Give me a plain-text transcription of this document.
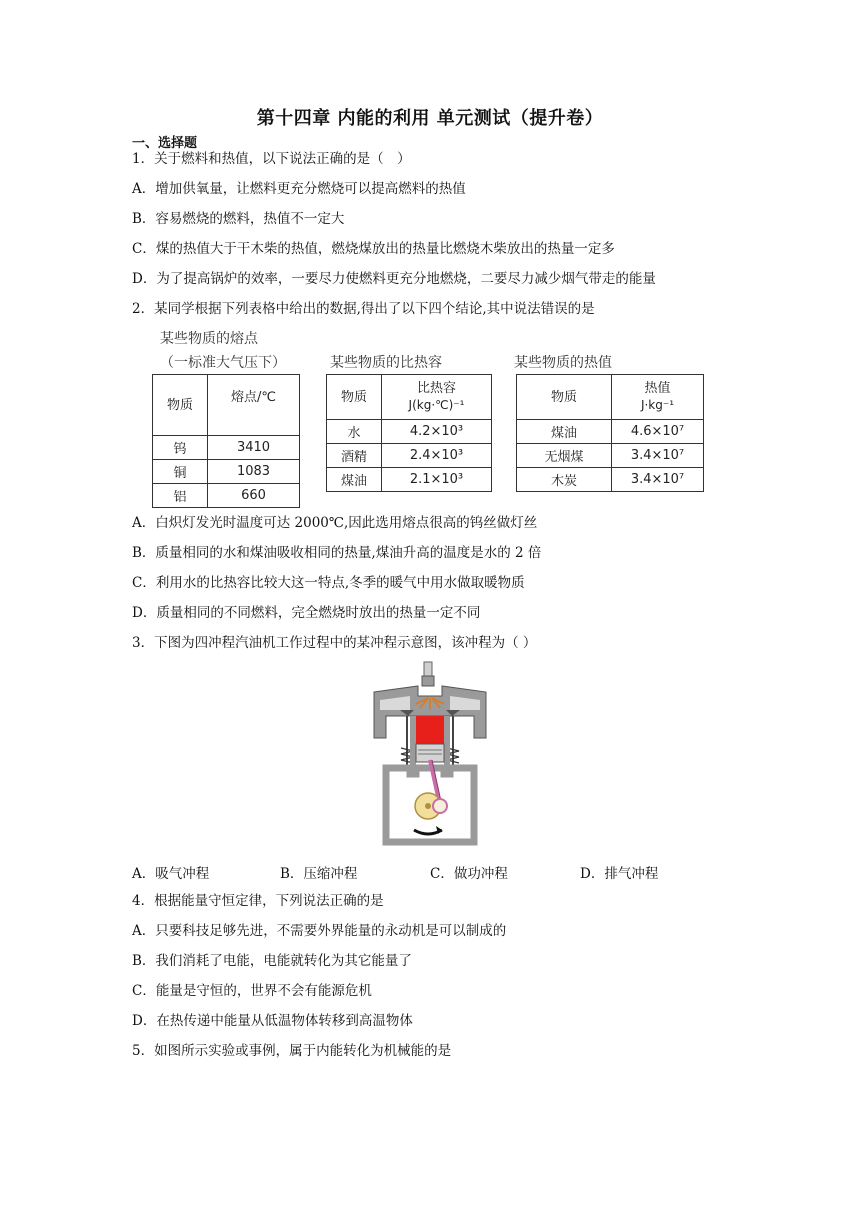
第十四章 内能的利用 单元测试（提升卷）
一、选择题
1．关于燃料和热值，以下说法正确的是（　）
A．增加供氧量，让燃料更充分燃烧可以提高燃料的热值
B．容易燃烧的燃料，热值不一定大
C．煤的热值大于干木柴的热值，燃烧煤放出的热量比燃烧木柴放出的热量一定多
D．为了提高锅炉的效率，一要尽力使燃料更充分地燃烧，二要尽力减少烟气带走的能量
2．某同学根据下列表格中给出的数据,得出了以下四个结论,其中说法错误的是
某些物质的熔点
（一标准大气压下）
物质	熔点/℃
钨	3410
铜	1083
铝	660
某些物质的比热容
物质	比热容
J(kg·℃)⁻¹

水	4.2×10³
酒精	2.4×10³
煤油	2.1×10³
某些物质的热值
物质	热值
J·kg⁻¹

煤油	4.6×10⁷
无烟煤	3.4×10⁷
木炭	3.4×10⁷
A．白炽灯发光时温度可达 2000℃,因此选用熔点很高的钨丝做灯丝
B．质量相同的水和煤油吸收相同的热量,煤油升高的温度是水的 2 倍
C．利用水的比热容比较大这一特点,冬季的暖气中用水做取暖物质
D．质量相同的不同燃料，完全燃烧时放出的热量一定不同
3．下图为四冲程汽油机工作过程中的某冲程示意图，该冲程为（ ）
A．吸气冲程	B．压缩冲程	C．做功冲程	D．排气冲程
4．根据能量守恒定律，下列说法正确的是
A．只要科技足够先进，不需要外界能量的永动机是可以制成的
B．我们消耗了电能，电能就转化为其它能量了
C．能量是守恒的，世界不会有能源危机
D．在热传递中能量从低温物体转移到高温物体
5．如图所示实验或事例，属于内能转化为机械能的是
